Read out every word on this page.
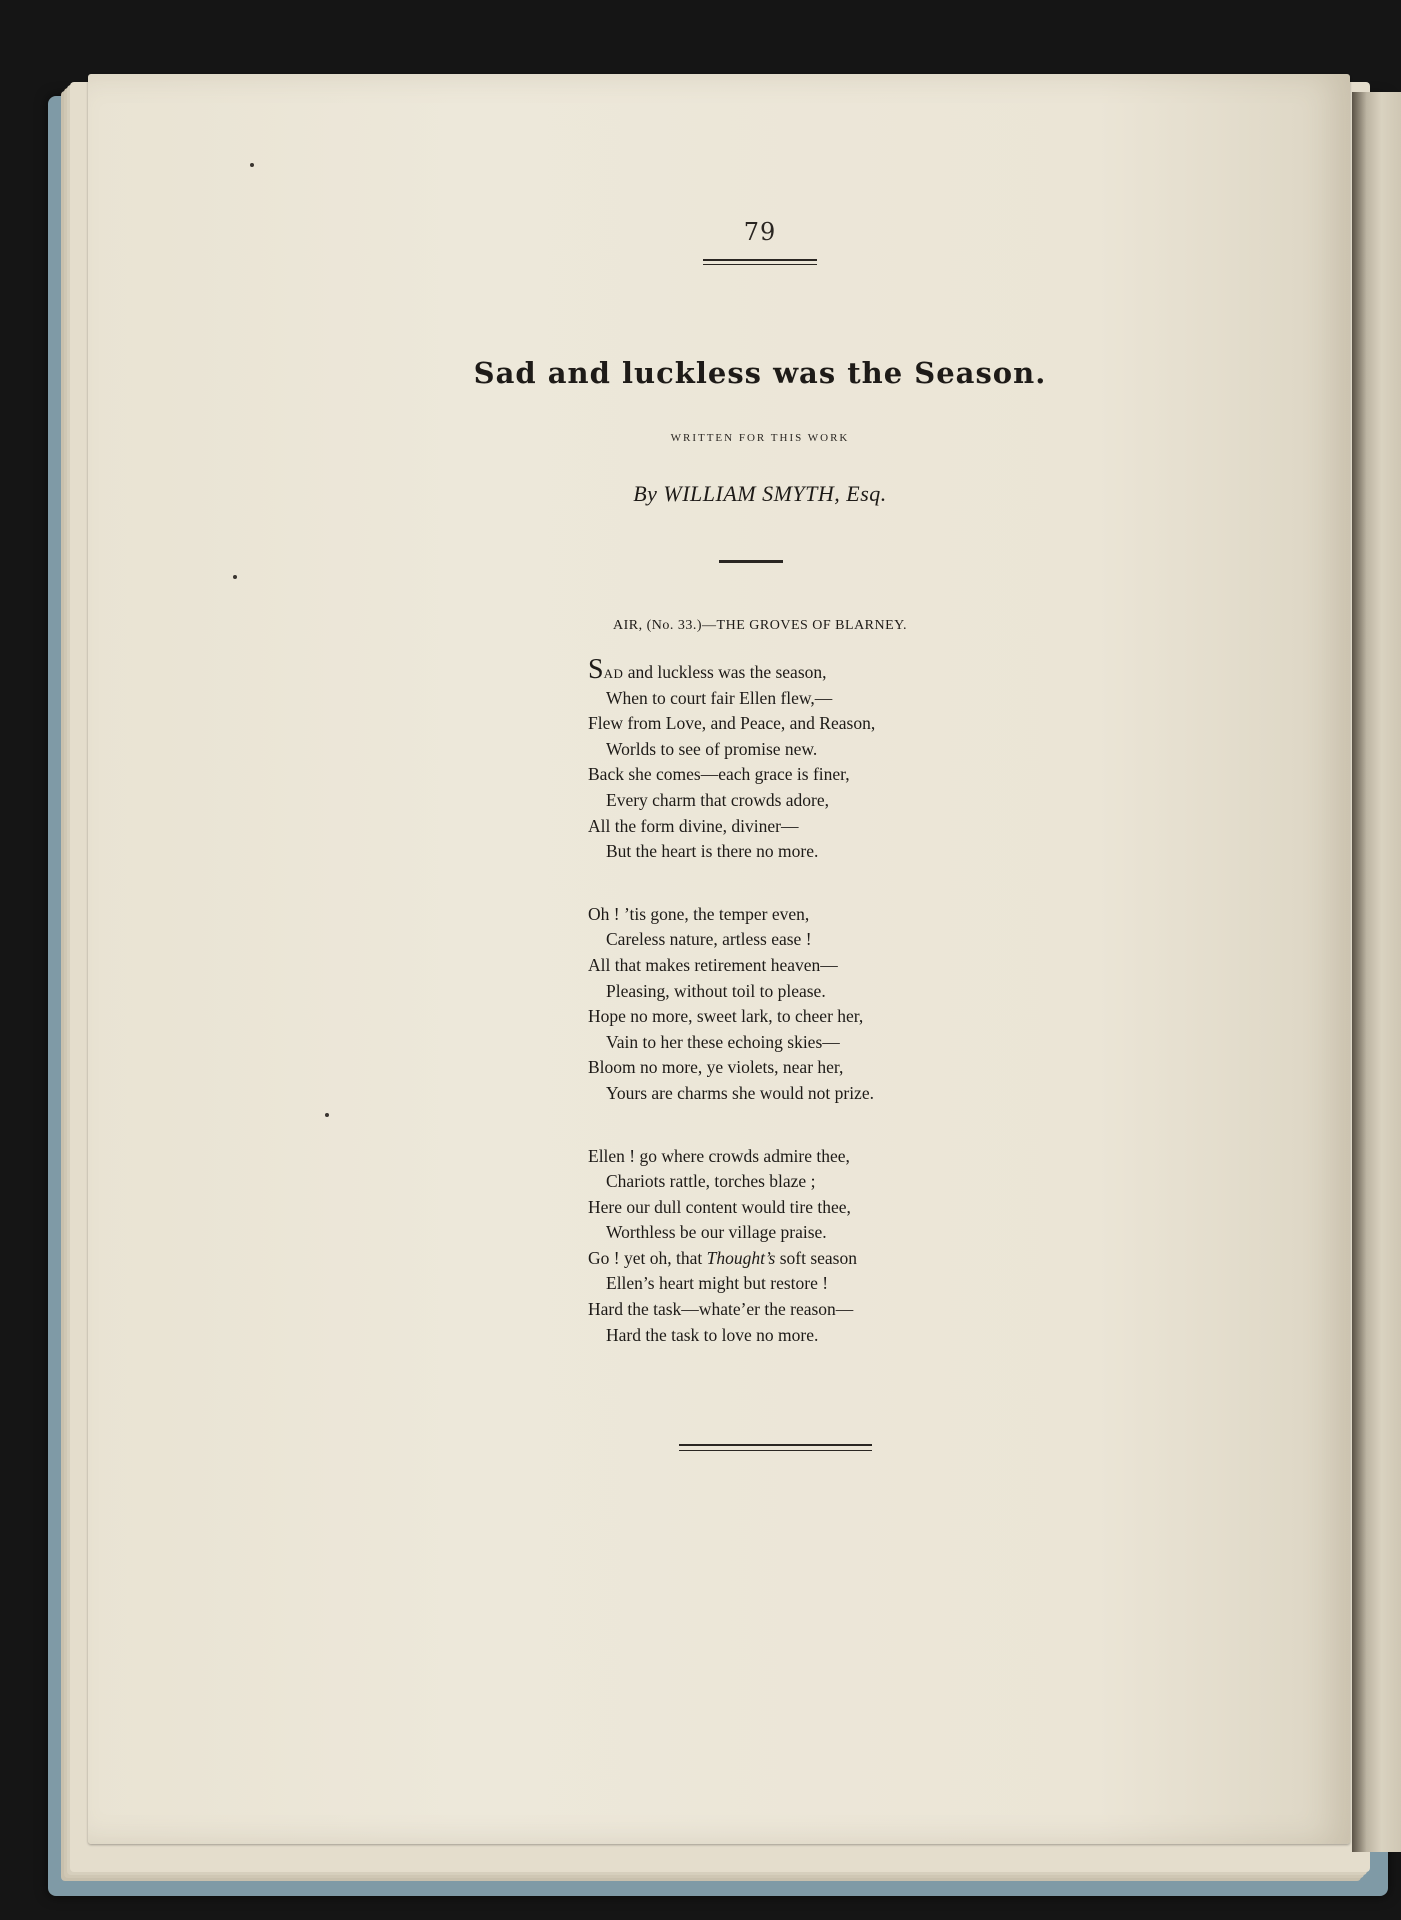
79
Sad and luckless was the Season.
WRITTEN FOR THIS WORK
By WILLIAM SMYTH, Esq.
AIR, (No. 33.)—THE GROVES OF BLARNEY.
SAD and luckless was the season,
When to court fair Ellen flew,—
Flew from Love, and Peace, and Reason,
Worlds to see of promise new.
Back she comes—each grace is finer,
Every charm that crowds adore,
All the form divine, diviner—
But the heart is there no more.
Oh ! ’tis gone, the temper even,
Careless nature, artless ease !
All that makes retirement heaven—
Pleasing, without toil to please.
Hope no more, sweet lark, to cheer her,
Vain to her these echoing skies—
Bloom no more, ye violets, near her,
Yours are charms she would not prize.
Ellen ! go where crowds admire thee,
Chariots rattle, torches blaze ;
Here our dull content would tire thee,
Worthless be our village praise.
Go ! yet oh, that Thought’s soft season
Ellen’s heart might but restore !
Hard the task—whate’er the reason—
Hard the task to love no more.
